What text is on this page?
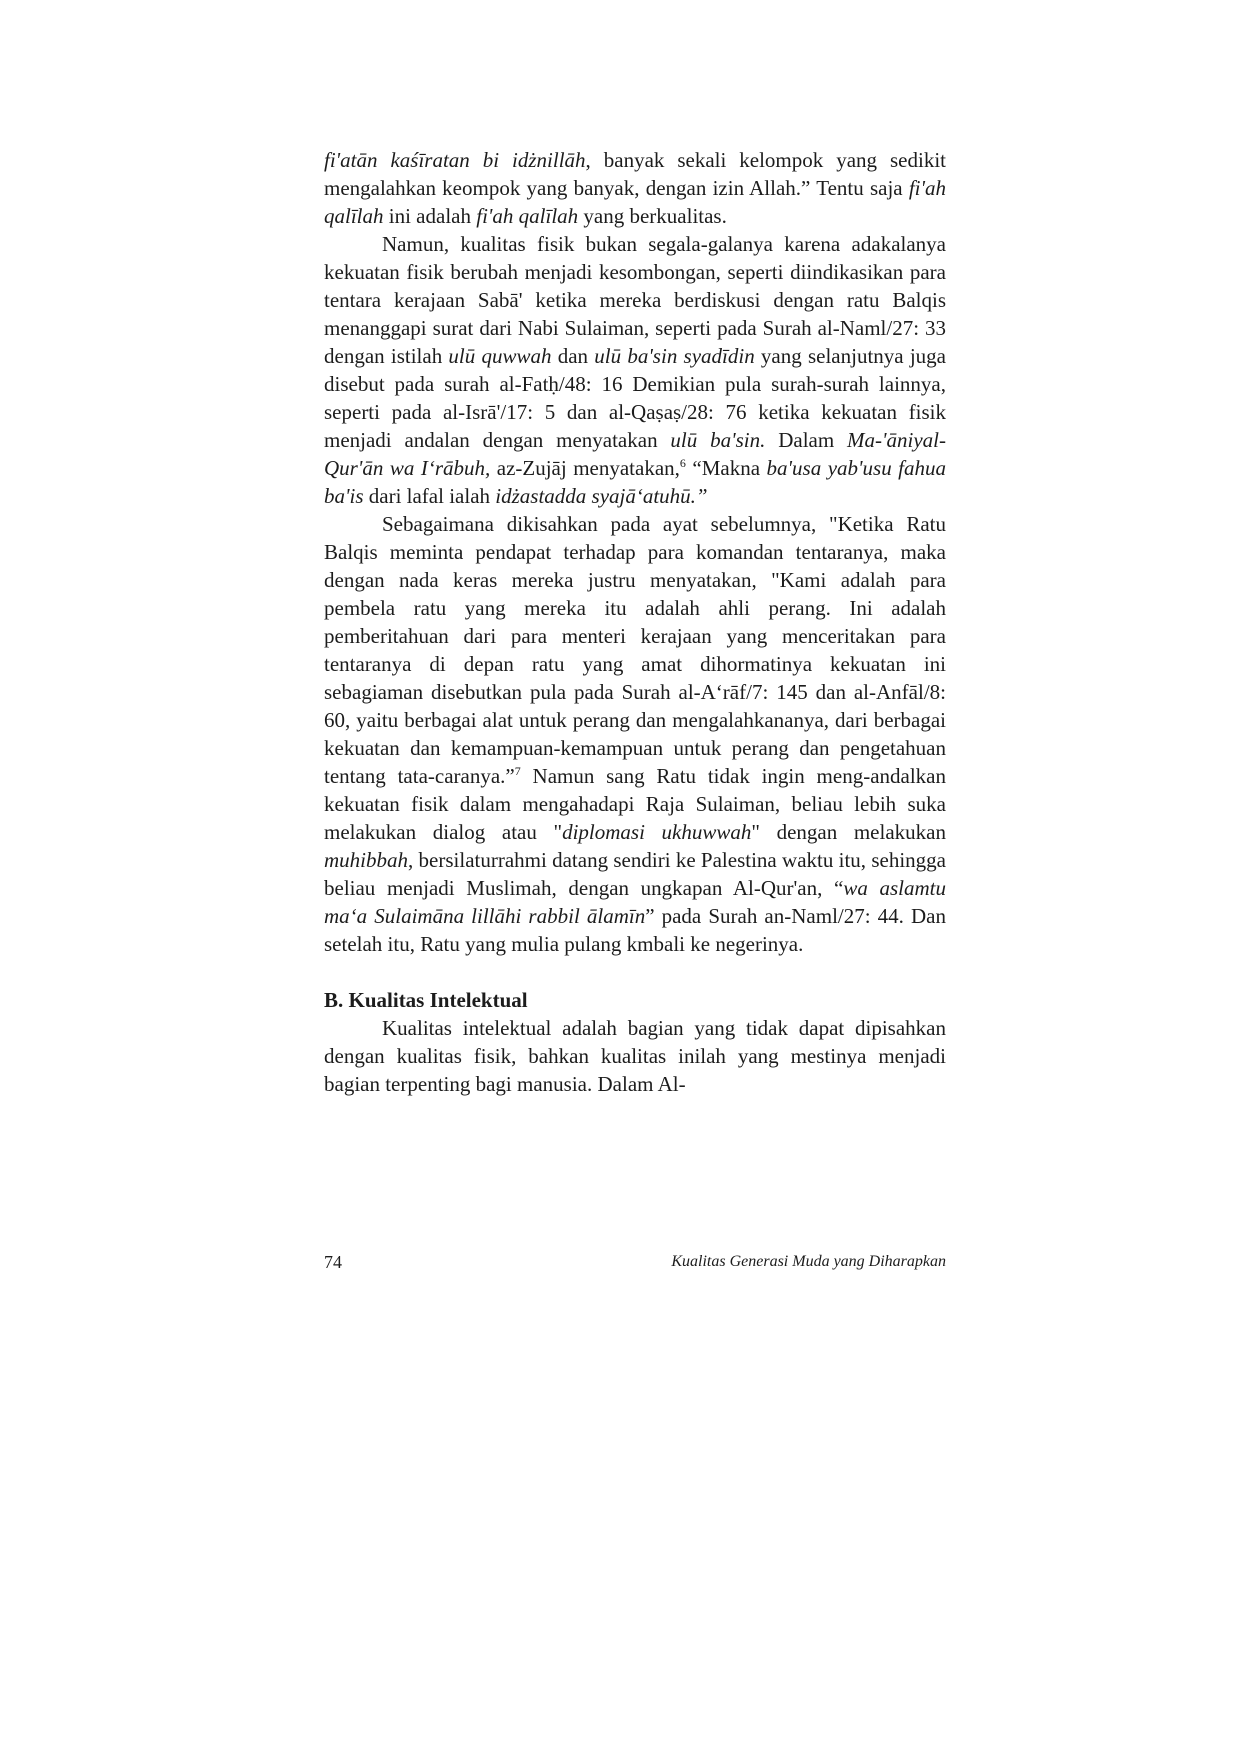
fi'atān kaśīratan bi idżnillāh, banyak sekali kelompok yang sedikit mengalahkan keompok yang banyak, dengan izin Allah.” Tentu saja fi'ah qalīlah ini adalah fi'ah qalīlah yang berkualitas.

Namun, kualitas fisik bukan segala-galanya karena adakalanya kekuatan fisik berubah menjadi kesombongan, seperti diindikasikan para tentara kerajaan Sabā' ketika mereka berdiskusi dengan ratu Balqis menanggapi surat dari Nabi Sulaiman, seperti pada Surah al-Naml/27: 33 dengan istilah ulū quwwah dan ulū ba'sin syadīdin yang selanjutnya juga disebut pada surah al-Fatḥ/48: 16 Demikian pula surah-surah lainnya, seperti pada al-Isrā'/17: 5 dan al-Qaṣaṣ/28: 76 ketika kekuatan fisik menjadi andalan dengan menyatakan ulū ba'sin. Dalam Ma-'āniyal-Qur'ān wa I‘rābuh, az-Zujāj menyatakan,$^6$ “Makna ba'usa yab'usu fahua ba'is dari lafal ialah idżastadda syajā‘atuhū.”

Sebagaimana dikisahkan pada ayat sebelumnya, "Ketika Ratu Balqis meminta pendapat terhadap para komandan tentaranya, maka dengan nada keras mereka justru menyatakan, "Kami adalah para pembela ratu yang mereka itu adalah ahli perang. Ini adalah pemberitahuan dari para menteri kerajaan yang menceritakan para tentaranya di depan ratu yang amat dihormatinya kekuatan ini sebagiaman disebutkan pula pada Surah al-A‘rāf/7: 145 dan al-Anfāl/8: 60, yaitu berbagai alat untuk perang dan mengalahkananya, dari berbagai kekuatan dan kemampuan-kemampuan untuk perang dan pengetahuan tentang tata-caranya.”$^7$ Namun sang Ratu tidak ingin meng-andalkan kekuatan fisik dalam mengahadapi Raja Sulaiman, beliau lebih suka melakukan dialog atau "diplomasi ukhuwwah" dengan melakukan muhibbah, bersilaturrahmi datang sendiri ke Palestina waktu itu, sehingga beliau menjadi Muslimah, dengan ungkapan Al-Qur'an, “wa aslamtu ma‘a Sulaimāna lillāhi rabbil ālamīn” pada Surah an-Naml/27: 44. Dan setelah itu, Ratu yang mulia pulang kmbali ke negerinya.

B. Kualitas Intelektual

Kualitas intelektual adalah bagian yang tidak dapat dipisahkan dengan kualitas fisik, bahkan kualitas inilah yang mestinya menjadi bagian terpenting bagi manusia. Dalam Al-

74	Kualitas Generasi Muda yang Diharapkan
